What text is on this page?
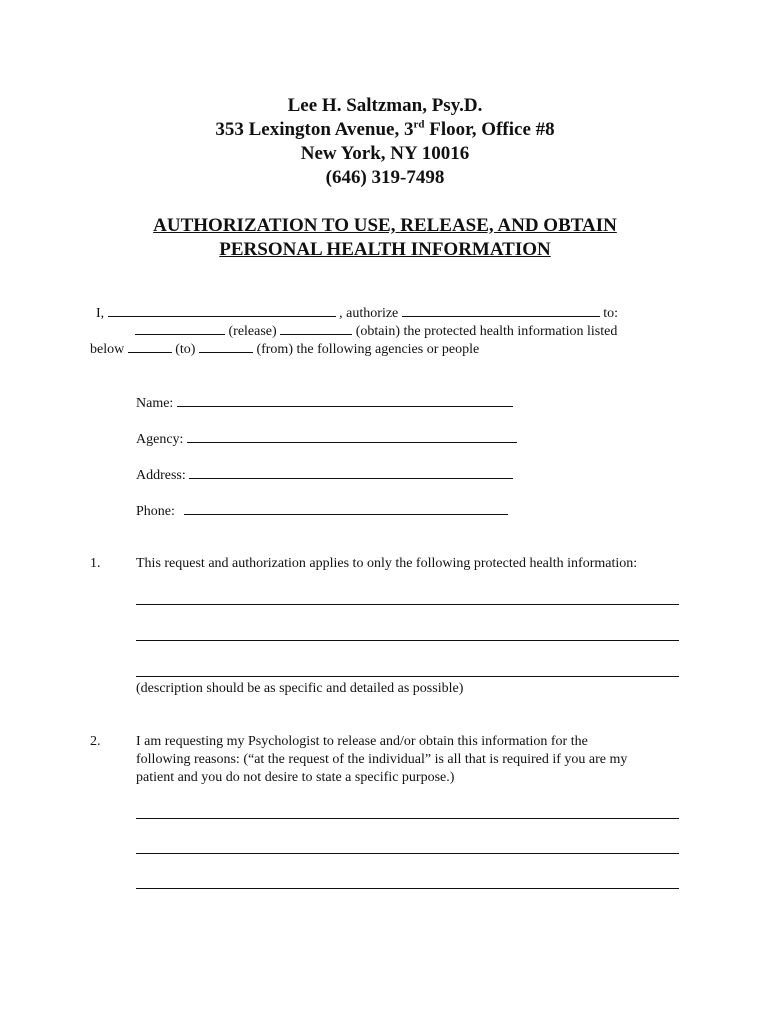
Lee H. Saltzman, Psy.D.
353 Lexington Avenue, 3rd Floor, Office #8
New York, NY 10016
(646) 319-7498
AUTHORIZATION TO USE, RELEASE, AND OBTAIN
PERSONAL HEALTH INFORMATION
I,	, authorize	to:
(release)	(obtain) the protected health information listed
below	(to)	(from) the following agencies or people
Name:
Agency:
Address:
Phone:
1.	This request and authorization applies to only the following protected health information:
(description should be as specific and detailed as possible)
2.	I am requesting my Psychologist to release and/or obtain this information for the
following reasons: (“at the request of the individual” is all that is required if you are my
patient and you do not desire to state a specific purpose.)
